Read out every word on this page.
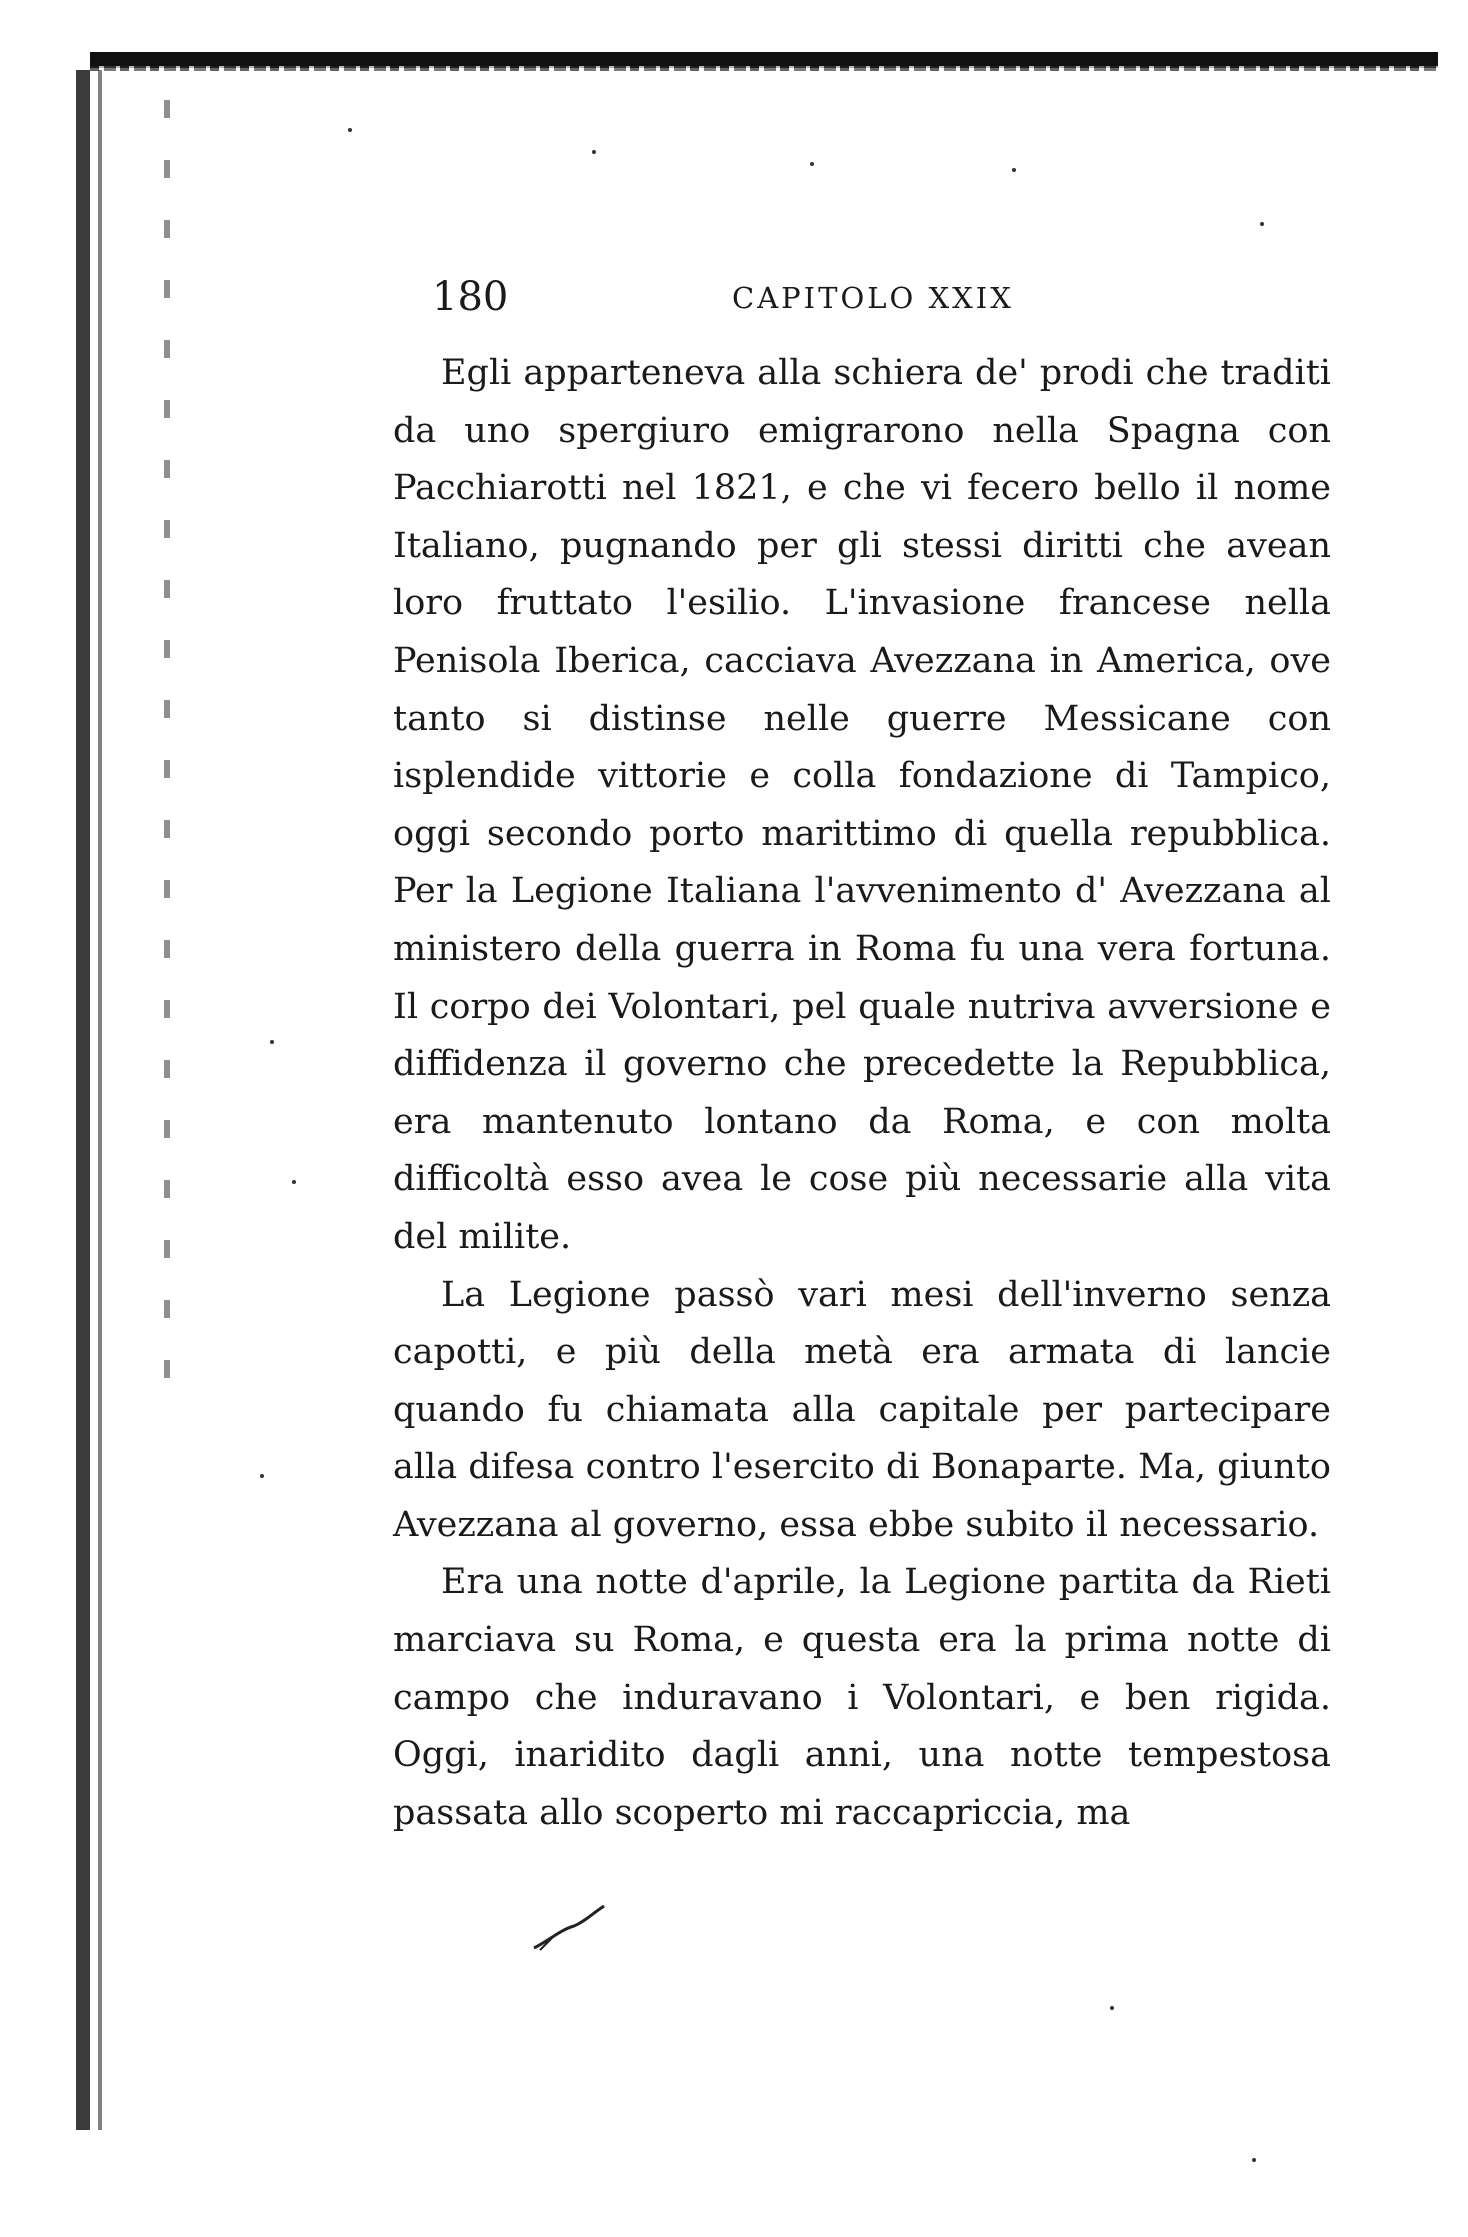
180	CAPITOLO XXIX

Egli apparteneva alla schiera de' prodi che traditi da uno spergiuro emigrarono nella Spagna con Pacchiarotti nel 1821, e che vi fecero bello il nome Italiano, pugnando per gli stessi diritti che avean loro fruttato l'esilio. L'invasione francese nella Penisola Iberica, cacciava Avezzana in America, ove tanto si distinse nelle guerre Messicane con isplendide vittorie e colla fondazione di Tampico, oggi secondo porto marittimo di quella repubblica. Per la Legione Italiana l'avvenimento d' Avezzana al ministero della guerra in Roma fu una vera fortuna. Il corpo dei Volontari, pel quale nutriva avversione e diffidenza il governo che precedette la Repubblica, era mantenuto lontano da Roma, e con molta difficoltà esso avea le cose più necessarie alla vita del milite.

La Legione passò vari mesi dell'inverno senza capotti, e più della metà era armata di lancie quando fu chiamata alla capitale per partecipare alla difesa contro l'esercito di Bonaparte. Ma, giunto Avezzana al governo, essa ebbe subito il necessario.

Era una notte d'aprile, la Legione partita da Rieti marciava su Roma, e questa era la prima notte di campo che induravano i Volontari, e ben rigida. Oggi, inaridito dagli anni, una notte tempestosa passata allo scoperto mi raccapriccia, ma
